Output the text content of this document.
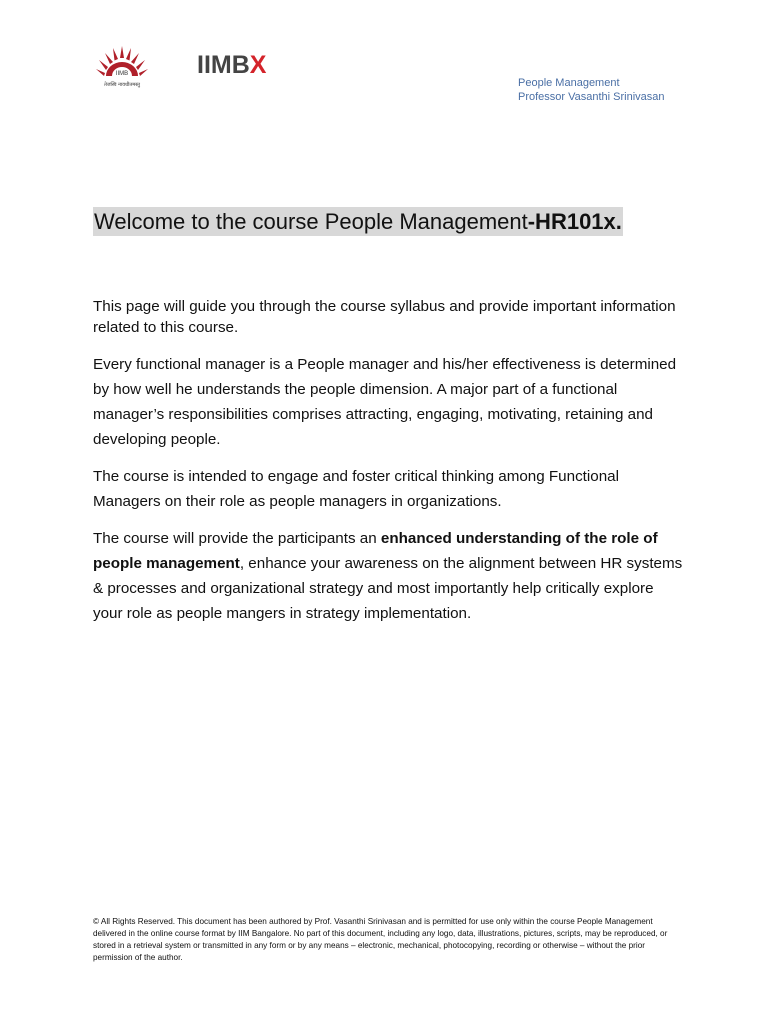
IIMB
तेजस्वि नावधीतमस्तु
IIMBX
People Management
Professor Vasanthi Srinivasan
Welcome to the course People Management-HR101x.

This page will guide you through the course syllabus and provide important information related to this course.

Every functional manager is a People manager and his/her effectiveness is determined by how well he understands the people dimension. A major part of a functional manager’s responsibilities comprises attracting, engaging, motivating, retaining and developing people.

The course is intended to engage and foster critical thinking among Functional Managers on their role as people managers in organizations.

The course will provide the participants an enhanced understanding of the role of people management, enhance your awareness on the alignment between HR systems & processes and organizational strategy and most importantly help critically explore your role as people mangers in strategy implementation.

© All Rights Reserved. This document has been authored by Prof. Vasanthi Srinivasan and is permitted for use only within the course People Management delivered in the online course format by IIM Bangalore. No part of this document, including any logo, data, illustrations, pictures, scripts, may be reproduced, or stored in a retrieval system or transmitted in any form or by any means – electronic, mechanical, photocopying, recording or otherwise – without the prior permission of the author.
